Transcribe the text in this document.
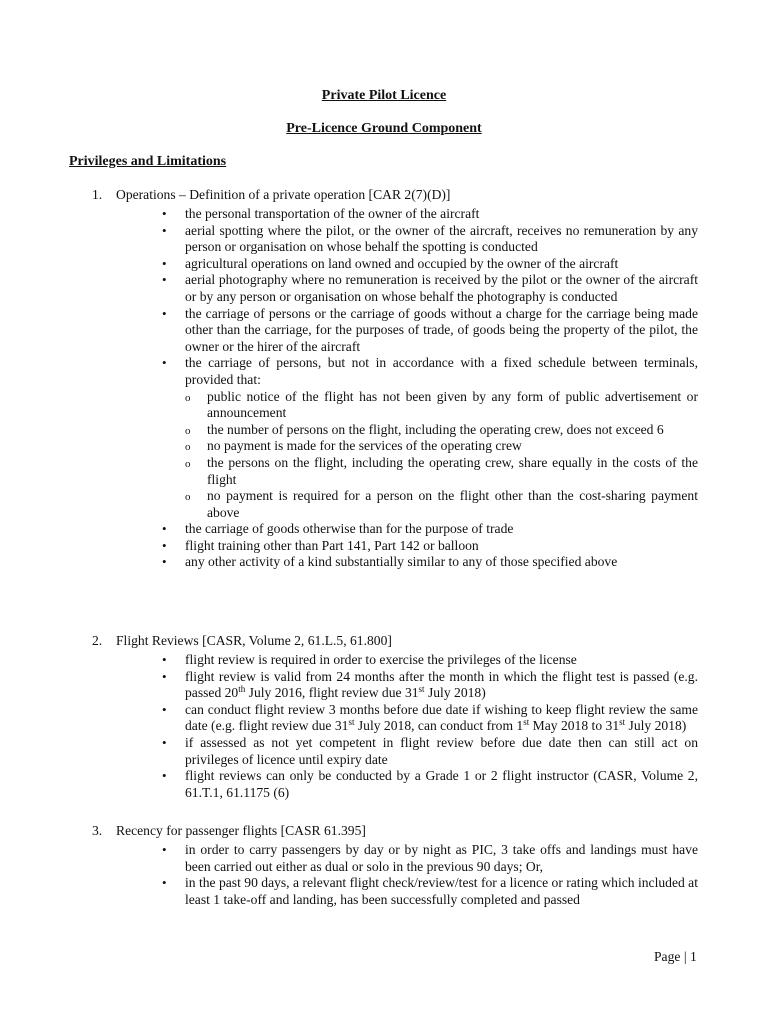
Private Pilot Licence
Pre-Licence Ground Component
Privileges and Limitations
1. Operations – Definition of a private operation [CAR 2(7)(D)]
• the personal transportation of the owner of the aircraft
• aerial spotting where the pilot, or the owner of the aircraft, receives no remuneration by any person or organisation on whose behalf the spotting is conducted
• agricultural operations on land owned and occupied by the owner of the aircraft
• aerial photography where no remuneration is received by the pilot or the owner of the aircraft or by any person or organisation on whose behalf the photography is conducted
• the carriage of persons or the carriage of goods without a charge for the carriage being made other than the carriage, for the purposes of trade, of goods being the property of the pilot, the owner or the hirer of the aircraft
• the carriage of persons, but not in accordance with a fixed schedule between terminals, provided that:
o public notice of the flight has not been given by any form of public advertisement or announcement
o the number of persons on the flight, including the operating crew, does not exceed 6
o no payment is made for the services of the operating crew
o the persons on the flight, including the operating crew, share equally in the costs of the flight
o no payment is required for a person on the flight other than the cost-sharing payment above
• the carriage of goods otherwise than for the purpose of trade
• flight training other than Part 141, Part 142 or balloon
• any other activity of a kind substantially similar to any of those specified above
2. Flight Reviews [CASR, Volume 2, 61.L.5, 61.800]
• flight review is required in order to exercise the privileges of the license
• flight review is valid from 24 months after the month in which the flight test is passed (e.g. passed 20th July 2016, flight review due 31st July 2018)
• can conduct flight review 3 months before due date if wishing to keep flight review the same date (e.g. flight review due 31st July 2018, can conduct from 1st May 2018 to 31st July 2018)
• if assessed as not yet competent in flight review before due date then can still act on privileges of licence until expiry date
• flight reviews can only be conducted by a Grade 1 or 2 flight instructor (CASR, Volume 2, 61.T.1, 61.1175 (6)
3. Recency for passenger flights [CASR 61.395]
• in order to carry passengers by day or by night as PIC, 3 take offs and landings must have been carried out either as dual or solo in the previous 90 days; Or,
• in the past 90 days, a relevant flight check/review/test for a licence or rating which included at least 1 take-off and landing, has been successfully completed and passed
Page | 1
